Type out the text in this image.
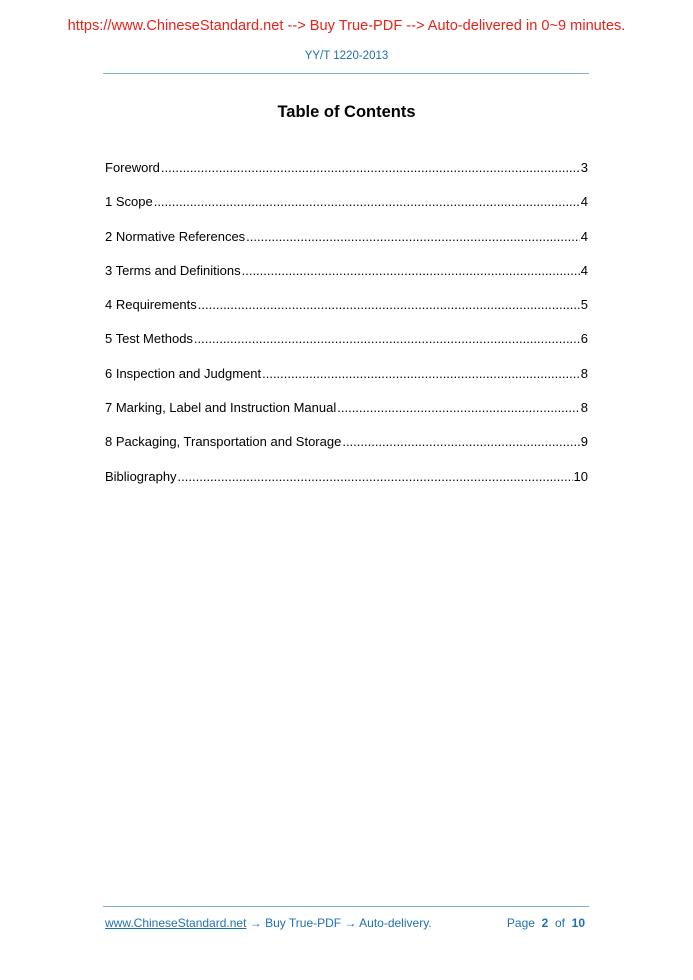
https://www.ChineseStandard.net --> Buy True-PDF --> Auto-delivered in 0~9 minutes.
YY/T 1220-2013
Table of Contents
Foreword .....	3
1 Scope .....	4
2 Normative References .....	4
3 Terms and Definitions .....	4
4 Requirements .....	5
5 Test Methods .....	6
6 Inspection and Judgment .....	8
7 Marking, Label and Instruction Manual .....	8
8 Packaging, Transportation and Storage .....	9
Bibliography .....	10
www.ChineseStandard.net → Buy True-PDF → Auto-delivery.	Page 2 of 10
